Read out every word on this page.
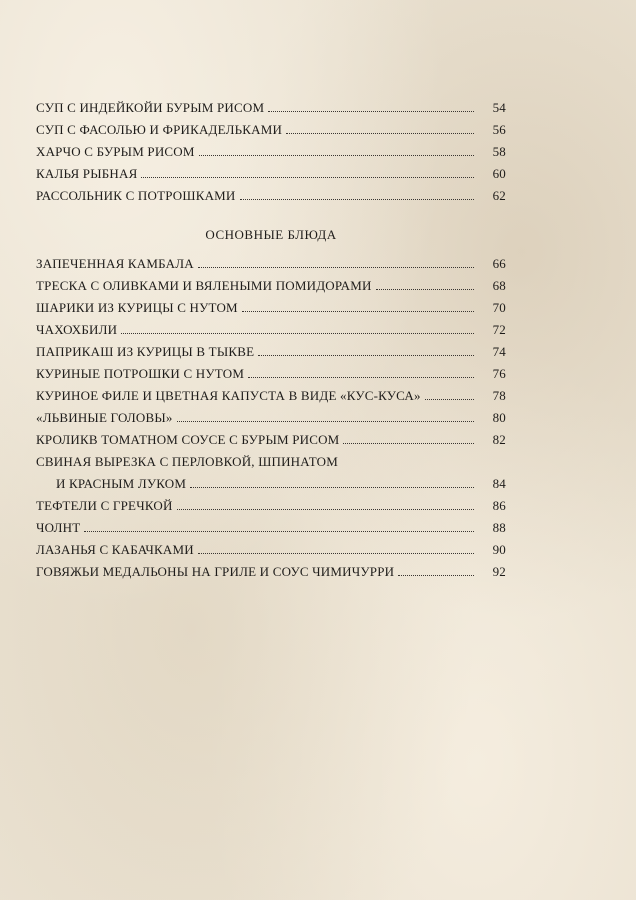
СУП С ИНДЕЙКОЙИ БУРЫМ РИСОМ	54
СУП С ФАСОЛЬЮ И ФРИКАДЕЛЬКАМИ	56
ХАРЧО С БУРЫМ РИСОМ	58
КАЛЬЯ РЫБНАЯ	60
РАССОЛЬНИК С ПОТРОШКАМИ	62
ОСНОВНЫЕ БЛЮДА
ЗАПЕЧЕННАЯ КАМБАЛА	66
ТРЕСКА С ОЛИВКАМИ И ВЯЛЕНЫМИ ПОМИДОРАМИ	68
ШАРИКИ ИЗ КУРИЦЫ С НУТОМ	70
ЧАХОХБИЛИ	72
ПАПРИКАШ ИЗ КУРИЦЫ В ТЫКВЕ	74
КУРИНЫЕ ПОТРОШКИ С НУТОМ	76
КУРИНОЕ ФИЛЕ И ЦВЕТНАЯ КАПУСТА В ВИДЕ «КУС-КУСА»	78
«ЛЬВИНЫЕ ГОЛОВЫ»	80
КРОЛИКВ ТОМАТНОМ СОУСЕ С БУРЫМ РИСОМ	82
СВИНАЯ ВЫРЕЗКА С ПЕРЛОВКОЙ, ШПИНАТОМ
И КРАСНЫМ ЛУКОМ	84
ТЕФТЕЛИ С ГРЕЧКОЙ	86
ЧОЛНТ	88
ЛАЗАНЬЯ С КАБАЧКАМИ	90
ГОВЯЖЬИ МЕДАЛЬОНЫ НА ГРИЛЕ И СОУС ЧИМИЧУРРИ	92
